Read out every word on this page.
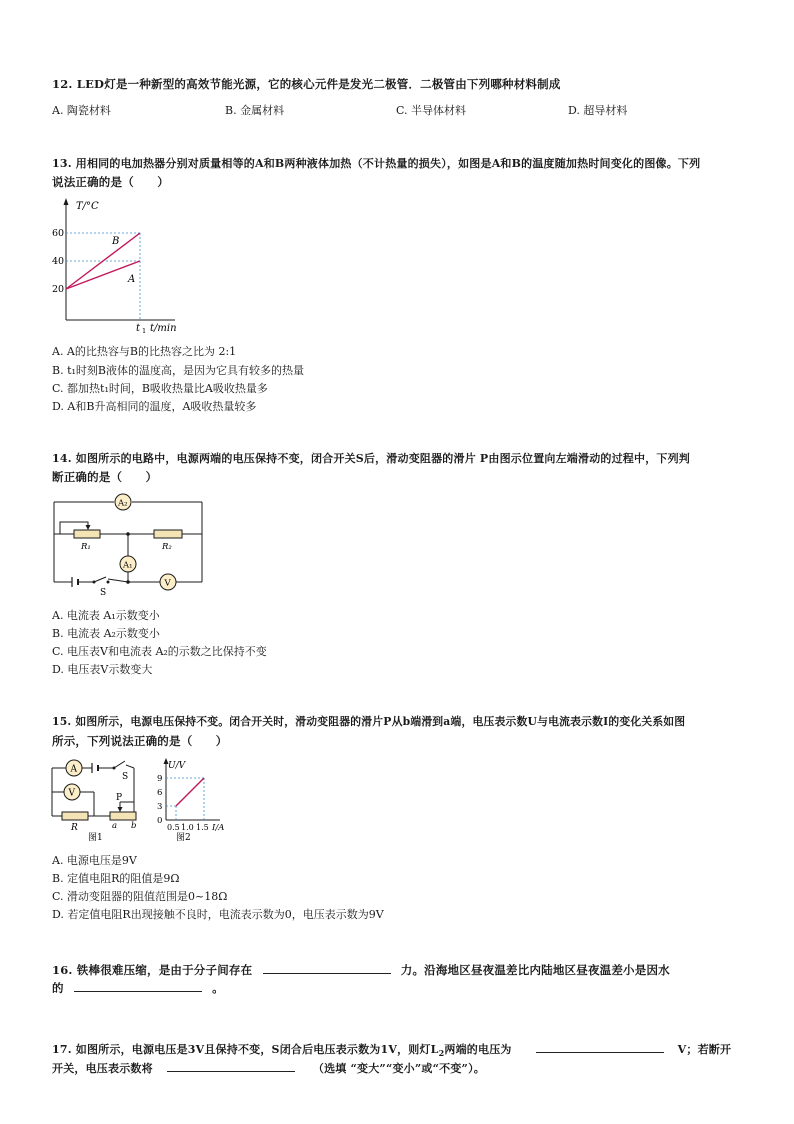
12. LED灯是一种新型的高效节能光源，它的核心元件是发光二极管．二极管由下列哪种材料制成
A. 陶瓷材料	B. 金属材料	C. 半导体材料	D. 超导材料
13. 用相同的电加热器分别对质量相等的A和B两种液体加热（不计热量的损失），如图是A和B的温度随加热时间变化的图像。下列
说法正确的是（　　）
T/°C
60
40
20
B
A
t 1 t/min
A. A的比热容与B的比热容之比为 2:1
B. t₁时刻B液体的温度高，是因为它具有较多的热量
C. 都加热t₁时间，B吸收热量比A吸收热量多
D. A和B升高相同的温度，A吸收热量较多
14. 如图所示的电路中，电源两端的电压保持不变，闭合开关S后，滑动变阻器的滑片 P由图示位置向左端滑动的过程中，下列判
断正确的是（　　）
A₂
A₁
V
R₁	R₂
S
A. 电流表 A₁示数变小
B. 电流表 A₂示数变小
C. 电压表V和电流表 A₂的示数之比保持不变
D. 电压表V示数变大
15. 如图所示，电源电压保持不变。闭合开关时，滑动变阻器的滑片P从b端滑到a端，电压表示数U与电流表示数I的变化关系如图
所示，下列说法正确的是（　　）
A
V
S
P
R	a b
图1
U/V
9
6
3
0
0.5 1.0 1.5 I/A
图2
A. 电源电压是9V
B. 定值电阻R的阻值是9Ω
C. 滑动变阻器的阻值范围是0~18Ω
D. 若定值电阻R出现接触不良时，电流表示数为0，电压表示数为9V
16. 铁棒很难压缩，是由于分子间存在	力。沿海地区昼夜温差比内陆地区昼夜温差小是因水
的	。
17. 如图所示，电源电压是3V且保持不变，S闭合后电压表示数为1V，则灯$L_2$两端的电压为	V；若断开
开关，电压表示数将	（选填 “变大”“变小”或“不变”）。
